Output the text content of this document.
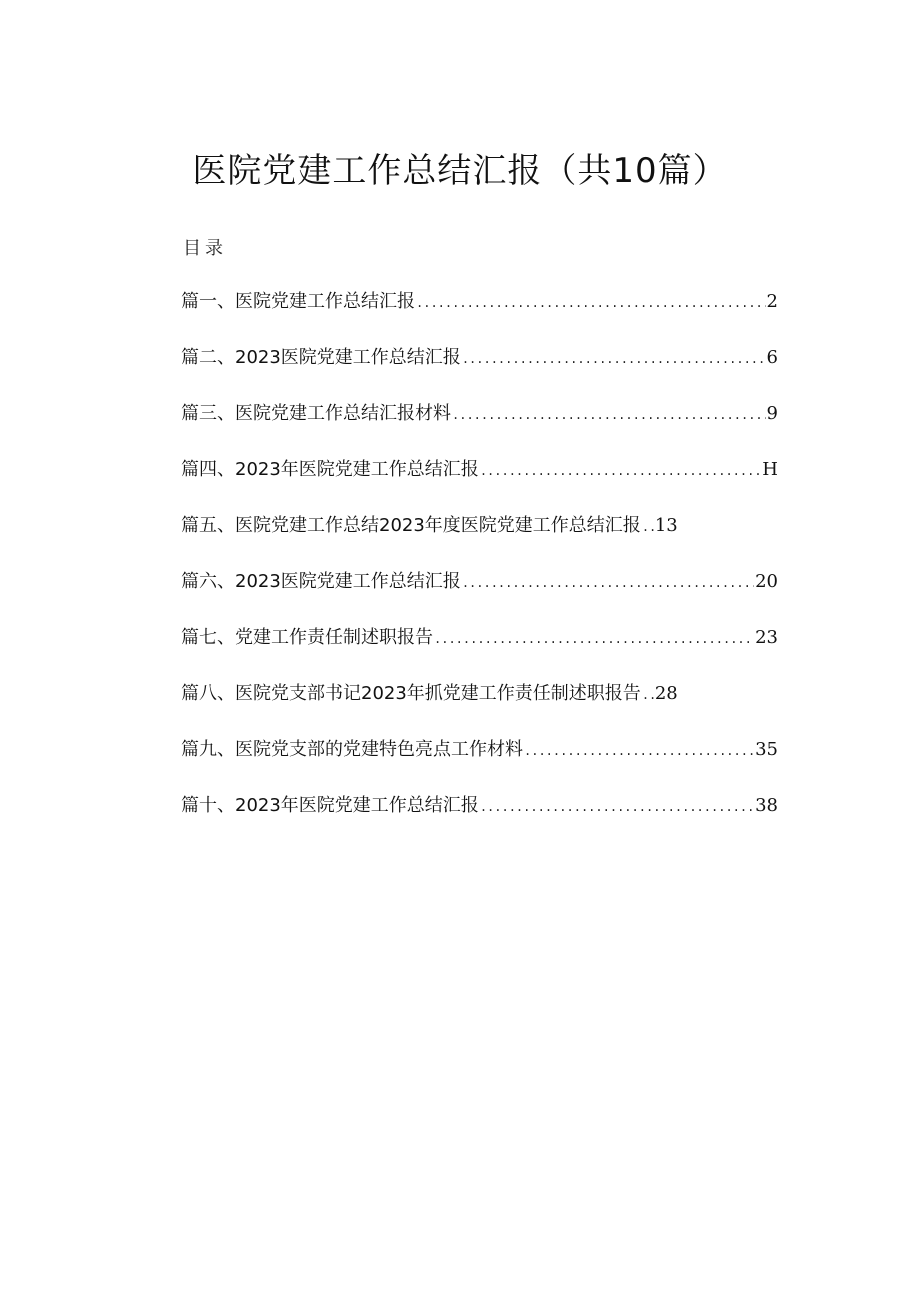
医院党建工作总结汇报（共10篇）
目录
篇一、医院党建工作总结汇报 .....	2
篇二、2023医院党建工作总结汇报 .....	6
篇三、医院党建工作总结汇报材料 .....	9
篇四、2023年医院党建工作总结汇报 .....	H
篇五、医院党建工作总结2023年度医院党建工作总结汇报 ..... 13
篇六、2023医院党建工作总结汇报 .....	20
篇七、党建工作责任制述职报告 .....	23
篇八、医院党支部书记2023年抓党建工作责任制述职报告 ..... 28
篇九、医院党支部的党建特色亮点工作材料 .....	35
篇十、2023年医院党建工作总结汇报 .....	38
